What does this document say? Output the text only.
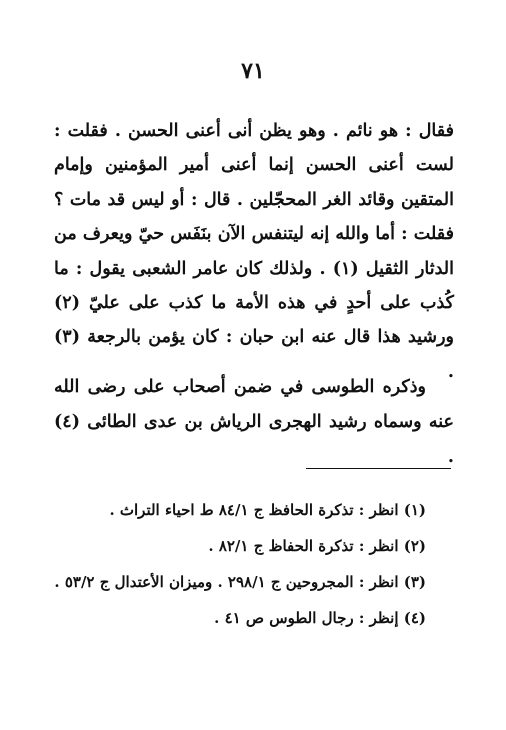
٧١

فقال : هو نائم . وهو يظن أنى أعنى الحسن . فقلت : لست أعنى الحسن إنما أعنى أمير المؤمنين وإمام المتقين وقائد الغر المحجّلين . قال : أو ليس قد مات ؟ فقلت : أما والله إنه ليتنفس الآن بنَفَس حيّ ويعرف من الدثار الثقيل (١) . ولذلك كان عامر الشعبى يقول : ما كُذب على أحدٍ في هذه الأمة ما كذب على عليّ (٢) ورشيد هذا قال عنه ابن حبان : كان يؤمن بالرجعة (٣) .

وذكره الطوسى في ضمن أصحاب على رضى الله عنه وسماه رشيد الهجرى الرياش بن عدى الطائى (٤) .

(١) انظر : تذكرة الحافظ ج ٨٤/١ ط احياء التراث .
(٢) انظر : تذكرة الحفاظ ج ٨٢/١ .
(٣) انظر : المجروحين ج ٢٩٨/١ . وميزان الأعتدال ج ٥٣/٢ .
(٤) إنظر : رجال الطوس ص ٤١ .
